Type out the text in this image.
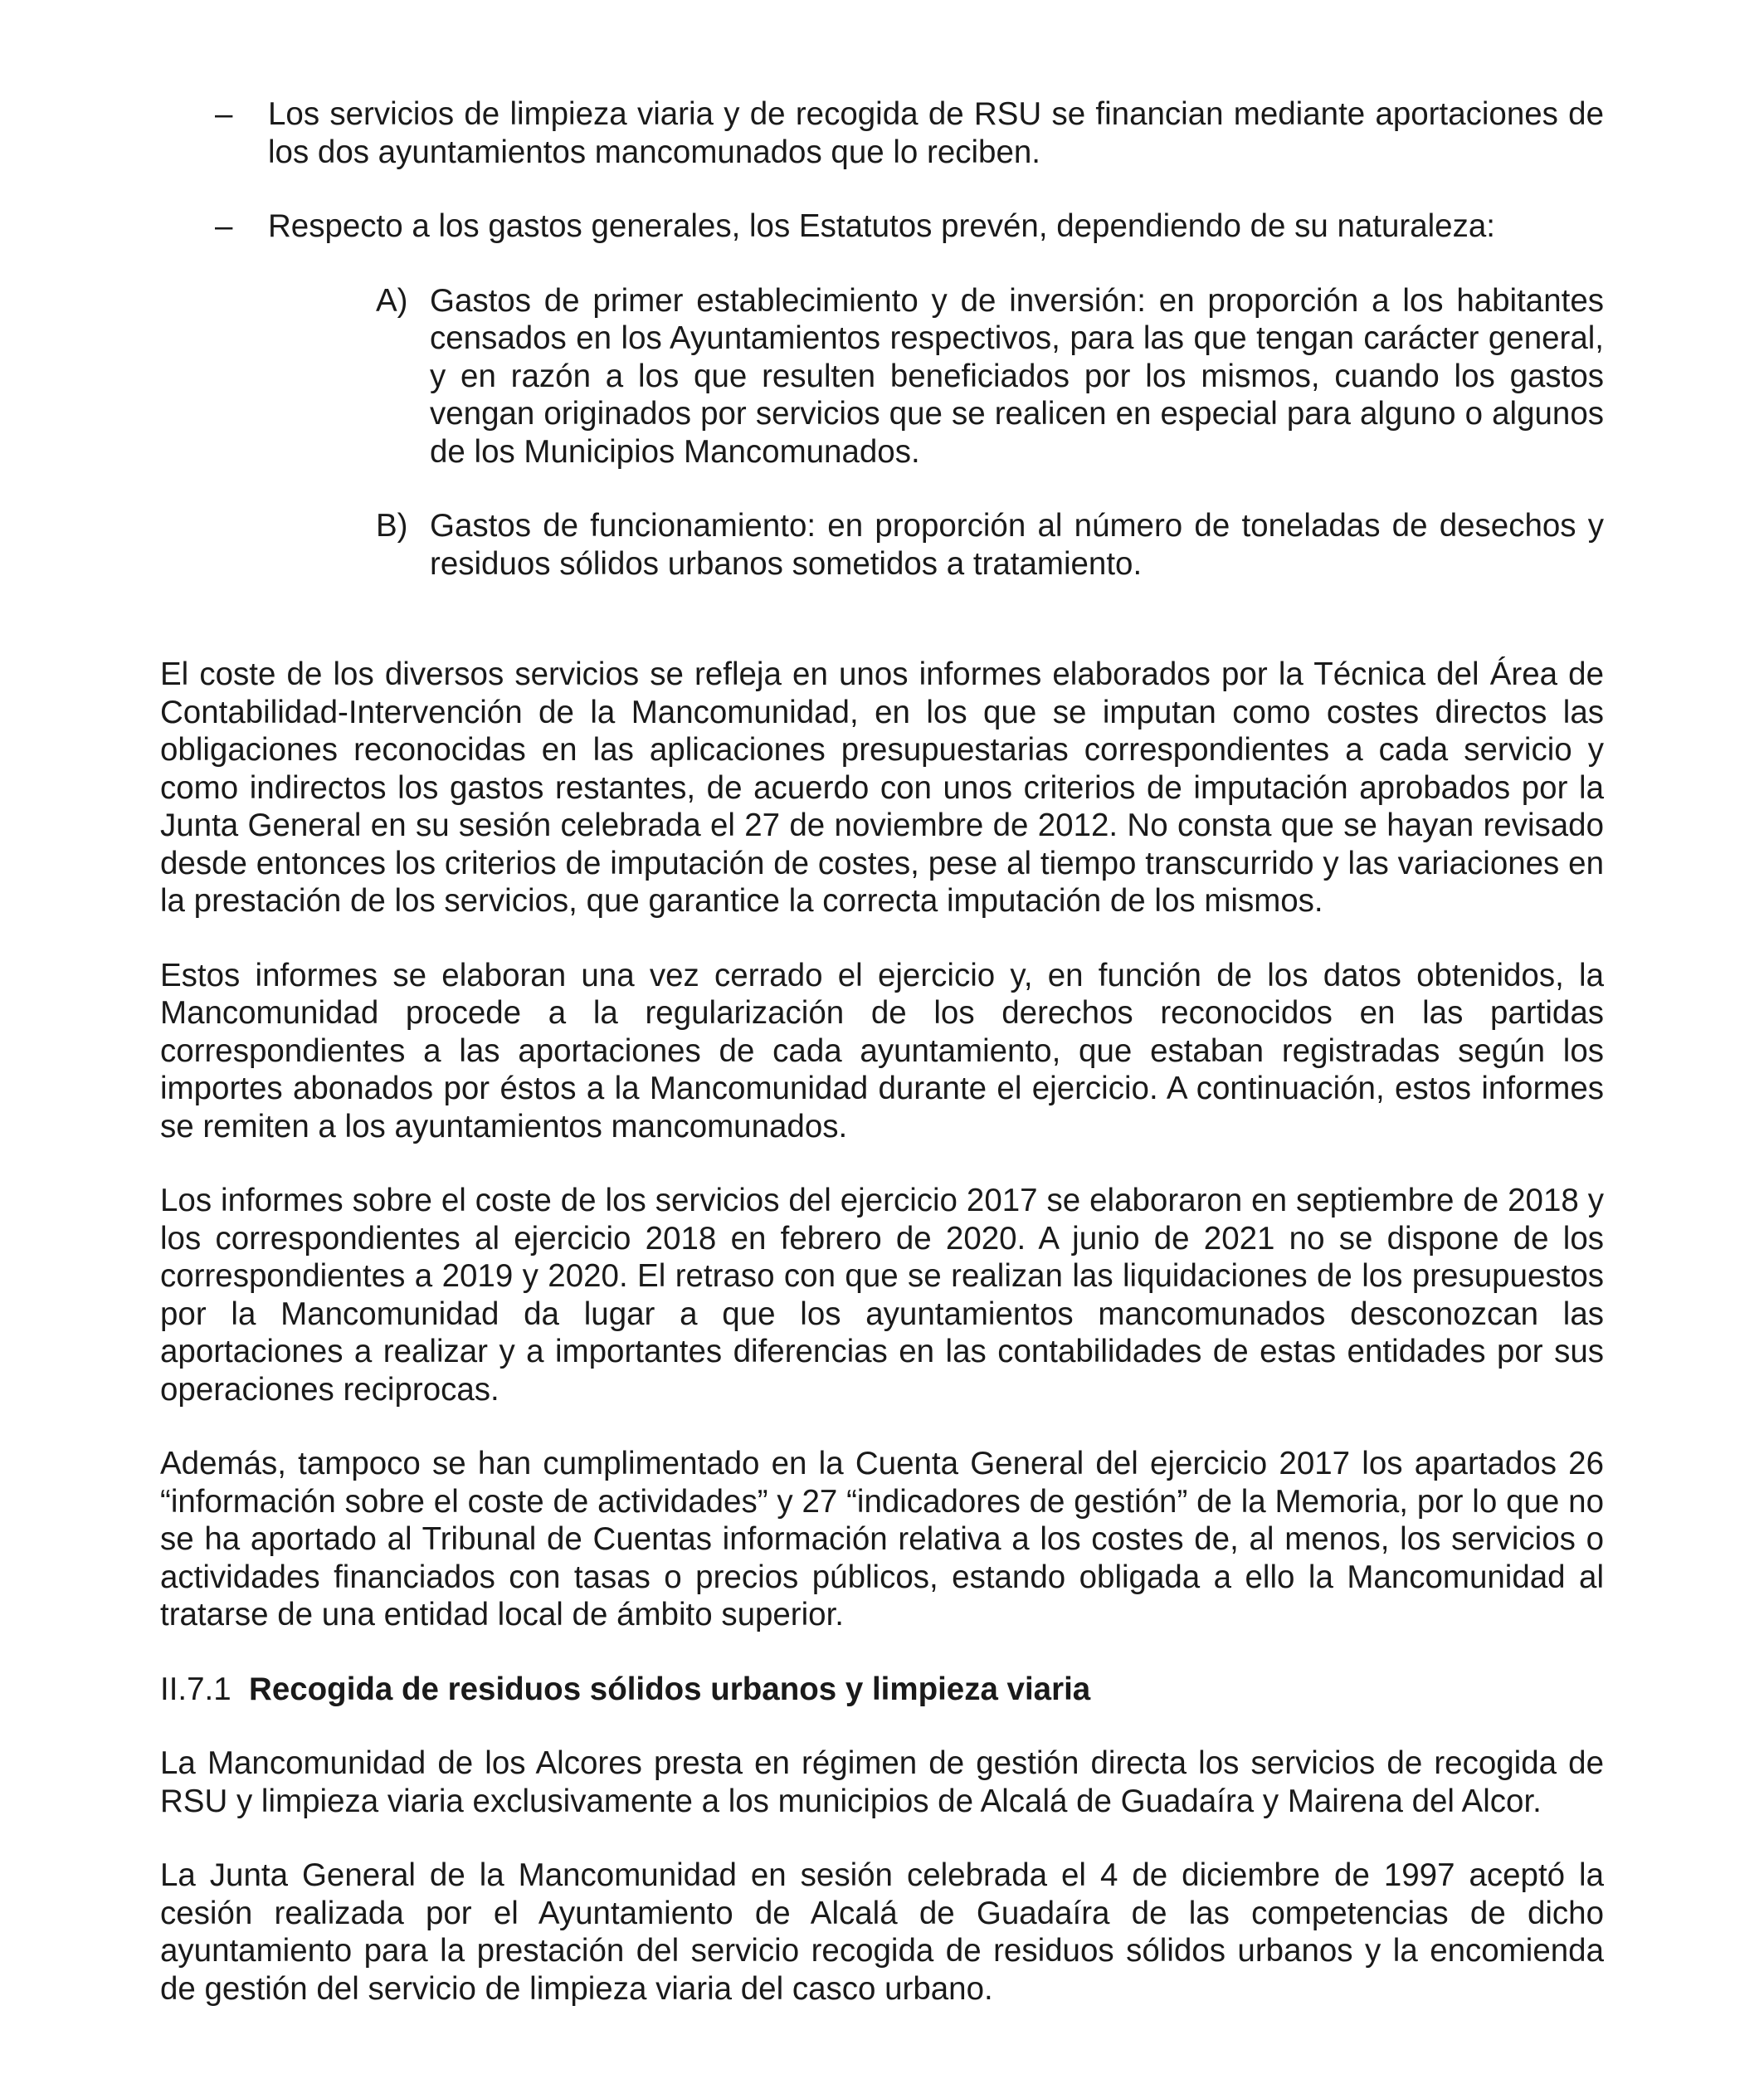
– Los servicios de limpieza viaria y de recogida de RSU se financian mediante aportaciones de los dos ayuntamientos mancomunados que lo reciben.

– Respecto a los gastos generales, los Estatutos prevén, dependiendo de su naturaleza:

A) Gastos de primer establecimiento y de inversión: en proporción a los habitantes censados en los Ayuntamientos respectivos, para las que tengan carácter general, y en razón a los que resulten beneficiados por los mismos, cuando los gastos vengan originados por servicios que se realicen en especial para alguno o algunos de los Municipios Mancomunados.

B) Gastos de funcionamiento: en proporción al número de toneladas de desechos y residuos sólidos urbanos sometidos a tratamiento.

El coste de los diversos servicios se refleja en unos informes elaborados por la Técnica del Área de Contabilidad-Intervención de la Mancomunidad, en los que se imputan como costes directos las obligaciones reconocidas en las aplicaciones presupuestarias correspondientes a cada servicio y como indirectos los gastos restantes, de acuerdo con unos criterios de imputación aprobados por la Junta General en su sesión celebrada el 27 de noviembre de 2012. No consta que se hayan revisado desde entonces los criterios de imputación de costes, pese al tiempo transcurrido y las variaciones en la prestación de los servicios, que garantice la correcta imputación de los mismos.

Estos informes se elaboran una vez cerrado el ejercicio y, en función de los datos obtenidos, la Mancomunidad procede a la regularización de los derechos reconocidos en las partidas correspondientes a las aportaciones de cada ayuntamiento, que estaban registradas según los importes abonados por éstos a la Mancomunidad durante el ejercicio. A continuación, estos informes se remiten a los ayuntamientos mancomunados.

Los informes sobre el coste de los servicios del ejercicio 2017 se elaboraron en septiembre de 2018 y los correspondientes al ejercicio 2018 en febrero de 2020. A junio de 2021 no se dispone de los correspondientes a 2019 y 2020. El retraso con que se realizan las liquidaciones de los presupuestos por la Mancomunidad da lugar a que los ayuntamientos mancomunados desconozcan las aportaciones a realizar y a importantes diferencias en las contabilidades de estas entidades por sus operaciones reciprocas.

Además, tampoco se han cumplimentado en la Cuenta General del ejercicio 2017 los apartados 26 “información sobre el coste de actividades” y 27 “indicadores de gestión” de la Memoria, por lo que no se ha aportado al Tribunal de Cuentas información relativa a los costes de, al menos, los servicios o actividades financiados con tasas o precios públicos, estando obligada a ello la Mancomunidad al tratarse de una entidad local de ámbito superior.

II.7.1 Recogida de residuos sólidos urbanos y limpieza viaria

La Mancomunidad de los Alcores presta en régimen de gestión directa los servicios de recogida de RSU y limpieza viaria exclusivamente a los municipios de Alcalá de Guadaíra y Mairena del Alcor.

La Junta General de la Mancomunidad en sesión celebrada el 4 de diciembre de 1997 aceptó la cesión realizada por el Ayuntamiento de Alcalá de Guadaíra de las competencias de dicho ayuntamiento para la prestación del servicio recogida de residuos sólidos urbanos y la encomienda de gestión del servicio de limpieza viaria del casco urbano.
